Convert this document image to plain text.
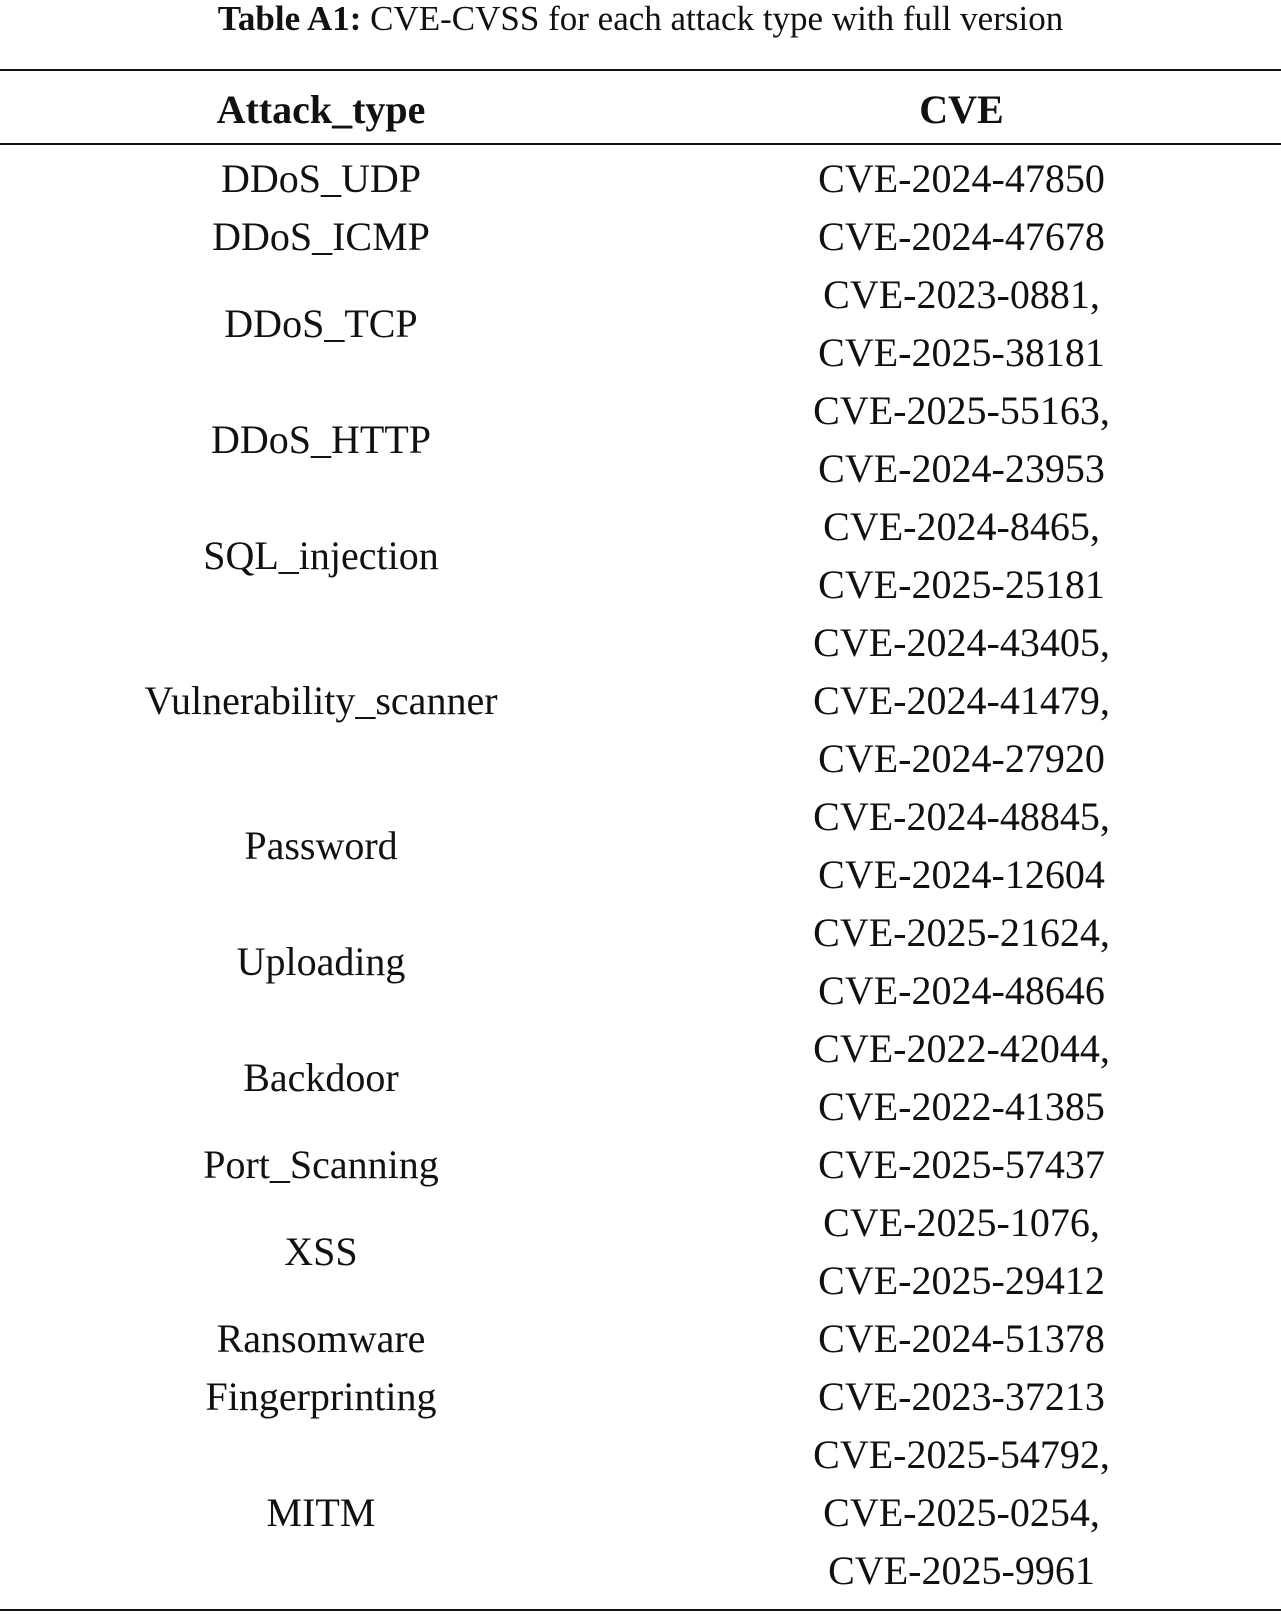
Table A1: CVE-CVSS for each attack type with full version
Attack_type	CVE
DDoS_UDP	CVE-2024-47850

DDoS_ICMP	CVE-2024-47678

DDoS_TCP	CVE-2023-0881,
CVE-2025-38181

DDoS_HTTP	CVE-2025-55163,
CVE-2024-23953

SQL_injection	CVE-2024-8465,
CVE-2025-25181

Vulnerability_scanner	CVE-2024-43405,
CVE-2024-41479,
CVE-2024-27920

Password	CVE-2024-48845,
CVE-2024-12604

Uploading	CVE-2025-21624,
CVE-2024-48646

Backdoor	CVE-2022-42044,
CVE-2022-41385

Port_Scanning	CVE-2025-57437

XSS	CVE-2025-1076,
CVE-2025-29412

Ransomware	CVE-2024-51378

Fingerprinting	CVE-2023-37213

MITM	CVE-2025-54792,
CVE-2025-0254,
CVE-2025-9961
